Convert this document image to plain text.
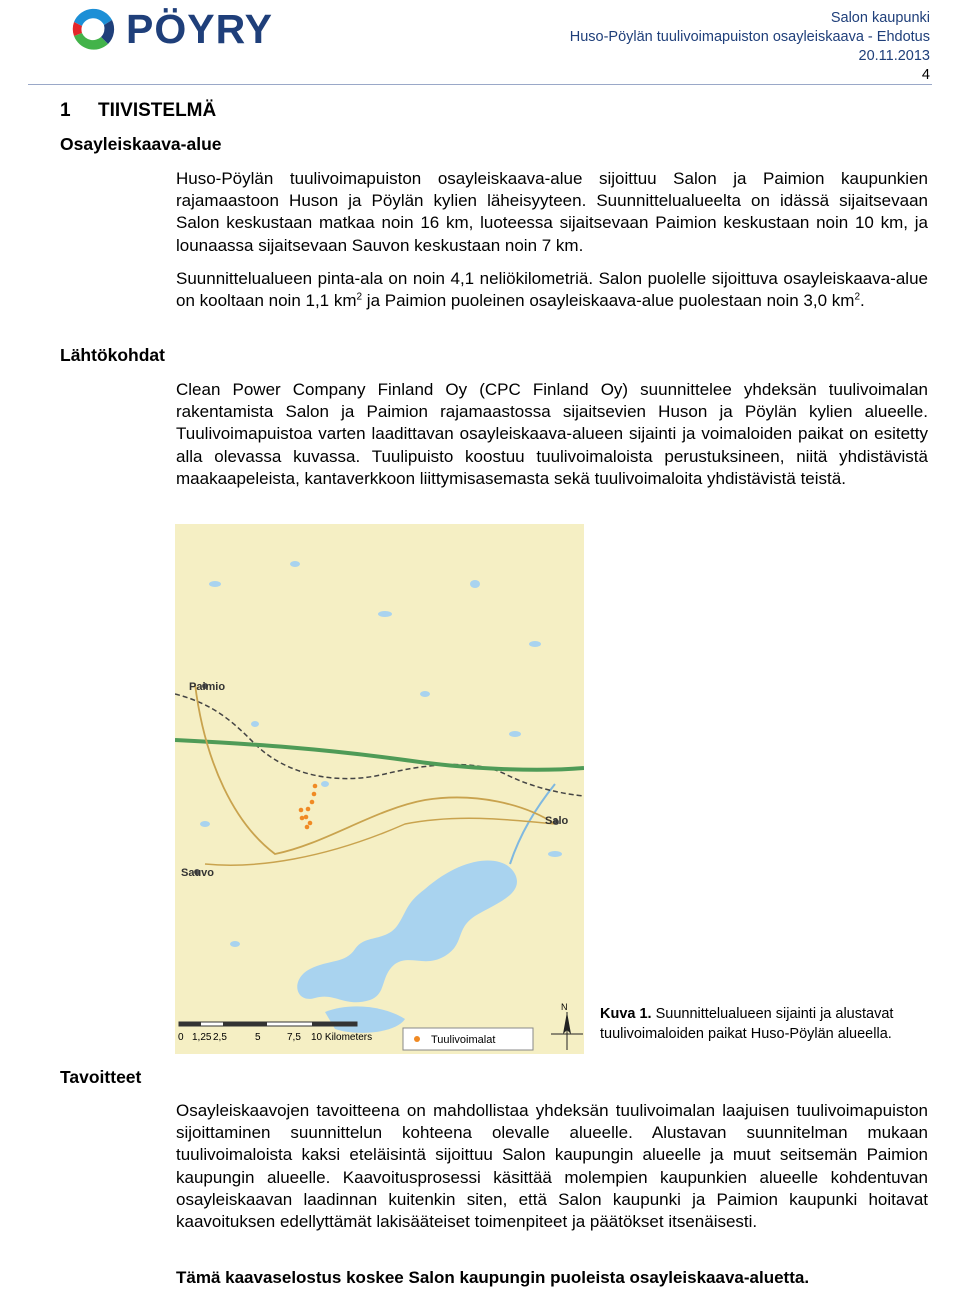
PÖYRY	Salon kaupunki
Huso-Pöylän tuulivoimapuiston osayleiskaava - Ehdotus
20.11.2013
4
1 TIIVISTELMÄ
Osayleiskaava-alue
Lähtökohdat
Tavoitteet
Huso-Pöylän tuulivoimapuiston osayleiskaava-alue sijoittuu Salon ja Paimion kaupunkien rajamaastoon Huson ja Pöylän kylien läheisyyteen. Suunnittelualueelta on idässä sijaitsevaan Salon keskustaan matkaa noin 16 km, luoteessa sijaitsevaan Paimion keskustaan noin 10 km, ja lounaassa sijaitsevaan Sauvon keskustaan noin 7 km.
Suunnittelualueen pinta-ala on noin 4,1 neliökilometriä. Salon puolelle sijoittuva osayleiskaava-alue on kooltaan noin 1,1 $km^2$ ja Paimion puoleinen osayleiskaava-alue puolestaan noin 3,0 $km^2$.
Clean Power Company Finland Oy (CPC Finland Oy) suunnittelee yhdeksän tuulivoimalan rakentamista Salon ja Paimion rajamaastossa sijaitsevien Huson ja Pöylän kylien alueelle. Tuulivoimapuistoa varten laadittavan osayleiskaava-alueen sijainti ja voimaloiden paikat on esitetty alla olevassa kuvassa. Tuulipuisto koostuu tuulivoimaloista perustuksineen, niitä yhdistävistä maakaapeleista, kantaverkkoon liittymisasemasta sekä tuulivoimaloita yhdistävistä teistä.
Paimio
Salo
Sauvo
0 1,25 2,5	5	7,5 10 Kilometers	Tuulivoimalat
N Kuva 1. Suunnittelualueen sijainti ja alustavat tuulivoimaloiden paikat Huso-Pöylän alueella.
Osayleiskaavojen tavoitteena on mahdollistaa yhdeksän tuulivoimalan laajuisen tuulivoimapuiston sijoittaminen suunnittelun kohteena olevalle alueelle. Alustavan suunnitelman mukaan tuulivoimaloista kaksi eteläisintä sijoittuu Salon kaupungin alueelle ja muut seitsemän Paimion kaupungin alueelle. Kaavoitusprosessi käsittää molempien kaupunkien alueelle kohdentuvan osayleiskaavan laadinnan kuitenkin siten, että Salon kaupunki ja Paimion kaupunki hoitavat kaavoituksen edellyttämät lakisääteiset toimenpiteet ja päätökset itsenäisesti.
Tämä kaavaselostus koskee Salon kaupungin puoleista osayleiskaava-aluetta.
